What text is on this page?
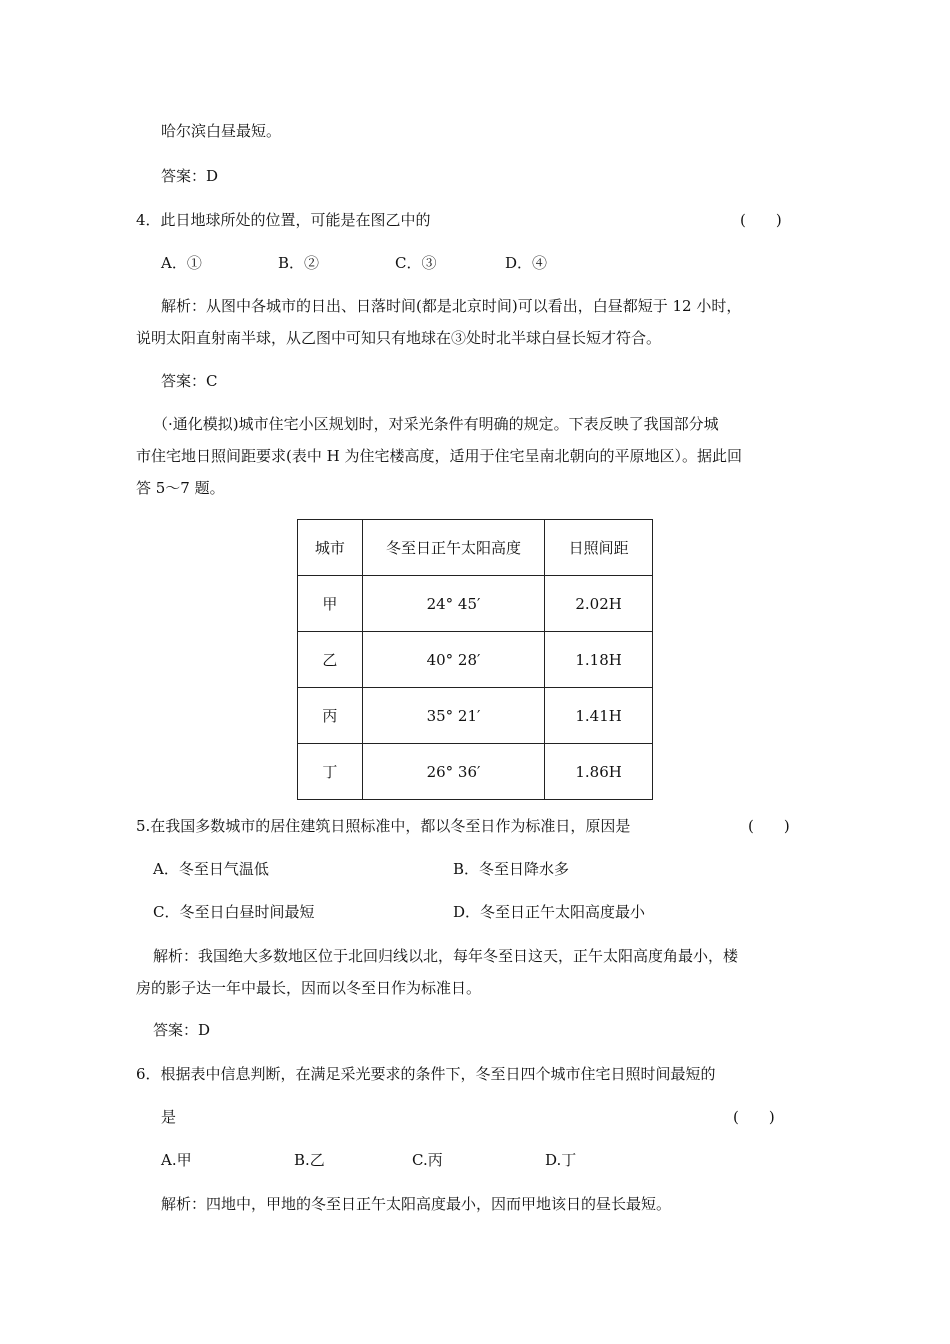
哈尔滨白昼最短。
答案：D
4．此日地球所处的位置，可能是在图乙中的	(　　)
A．①	B．②	C．③	D．④
解析：从图中各城市的日出、日落时间(都是北京时间)可以看出，白昼都短于 12 小时，
说明太阳直射南半球，从乙图中可知只有地球在③处时北半球白昼长短才符合。
答案：C
（·通化模拟)城市住宅小区规划时，对采光条件有明确的规定。下表反映了我国部分城
市住宅地日照间距要求(表中 H 为住宅楼高度，适用于住宅呈南北朝向的平原地区）。据此回
答 5～7 题。
城市	冬至日正午太阳高度	日照间距
甲	24° 45′	2.02H
乙	40° 28′	1.18H
丙	35° 21′	1.41H
丁	26° 36′	1.86H
5.在我国多数城市的居住建筑日照标准中，都以冬至日作为标准日，原因是	(　　)
A．冬至日气温低	B．冬至日降水多
C．冬至日白昼时间最短	D．冬至日正午太阳高度最小
解析：我国绝大多数地区位于北回归线以北，每年冬至日这天，正午太阳高度角最小，楼
房的影子达一年中最长，因而以冬至日作为标准日。
答案：D
6．根据表中信息判断，在满足采光要求的条件下，冬至日四个城市住宅日照时间最短的
是	(　　)
A.甲	B.乙	C.丙	D.丁
解析：四地中，甲地的冬至日正午太阳高度最小，因而甲地该日的昼长最短。
